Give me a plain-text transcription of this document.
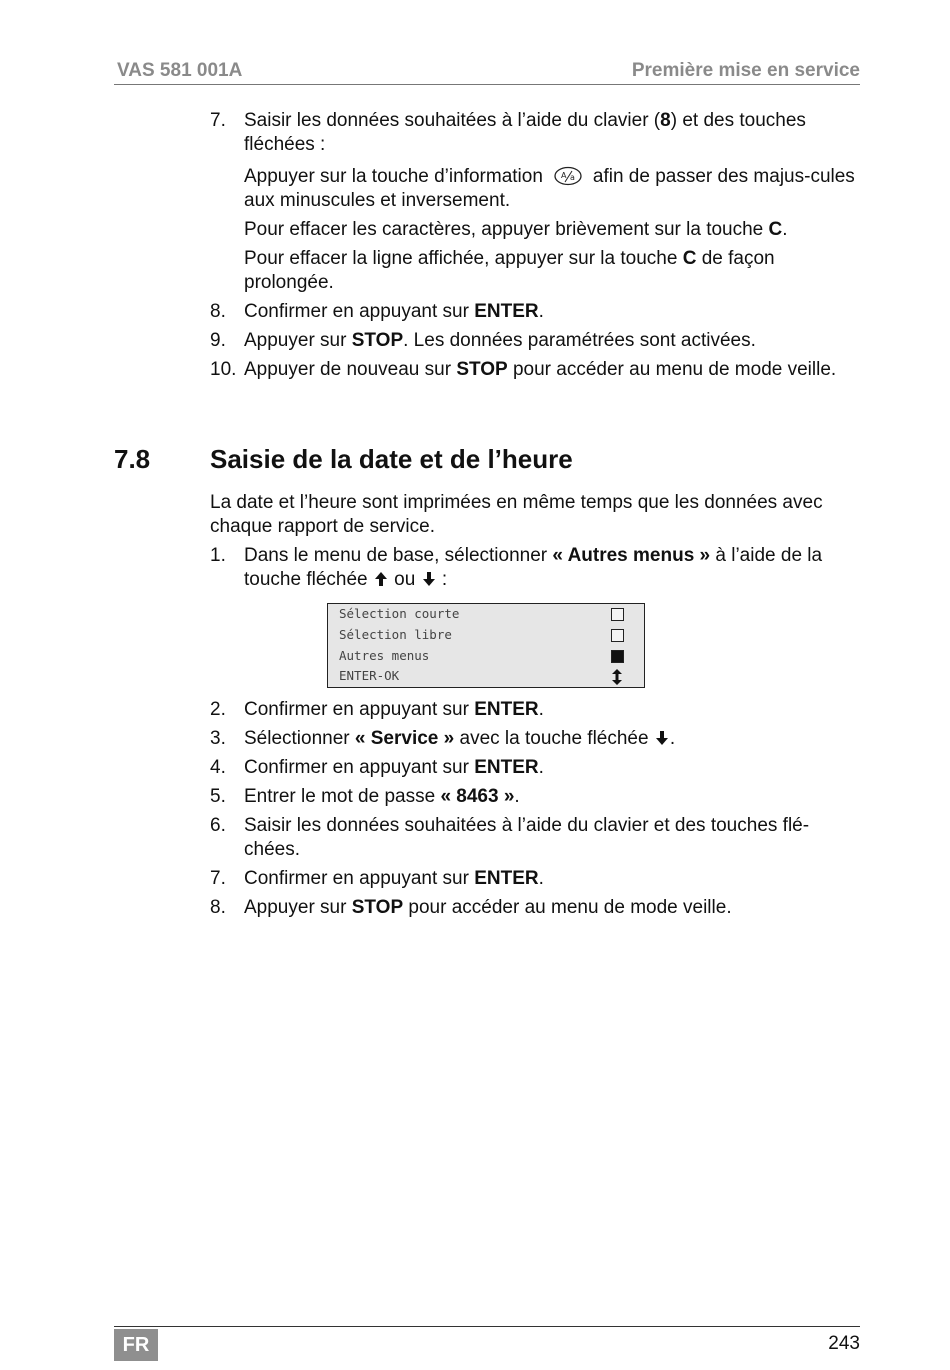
VAS 581 001A	Première mise en service
7. Saisir les données souhaitées à l’aide du clavier (8) et des touches fléchées :
Appuyer sur la touche d’information A a afin de passer des majus-cules aux minuscules et inversement.
Pour effacer les caractères, appuyer brièvement sur la touche C.
Pour effacer la ligne affichée, appuyer sur la touche C de façon prolongée.
8. Confirmer en appuyant sur ENTER.
9. Appuyer sur STOP. Les données paramétrées sont activées.
10. Appuyer de nouveau sur STOP pour accéder au menu de mode veille.
7.8 Saisie de la date et de l’heure
La date et l’heure sont imprimées en même temps que les données avec chaque rapport de service.
1. Dans le menu de base, sélectionner « Autres menus » à l’aide de la touche fléchée  ou  :
Sélection courte
Sélection libre
Autres menus
ENTER-OK
2. Confirmer en appuyant sur ENTER.
3. Sélectionner « Service » avec la touche fléchée .
4. Confirmer en appuyant sur ENTER.
5. Entrer le mot de passe « 8463 ».
6. Saisir les données souhaitées à l’aide du clavier et des touches flé-chées.
7. Confirmer en appuyant sur ENTER.
8. Appuyer sur STOP pour accéder au menu de mode veille.
FR	243
